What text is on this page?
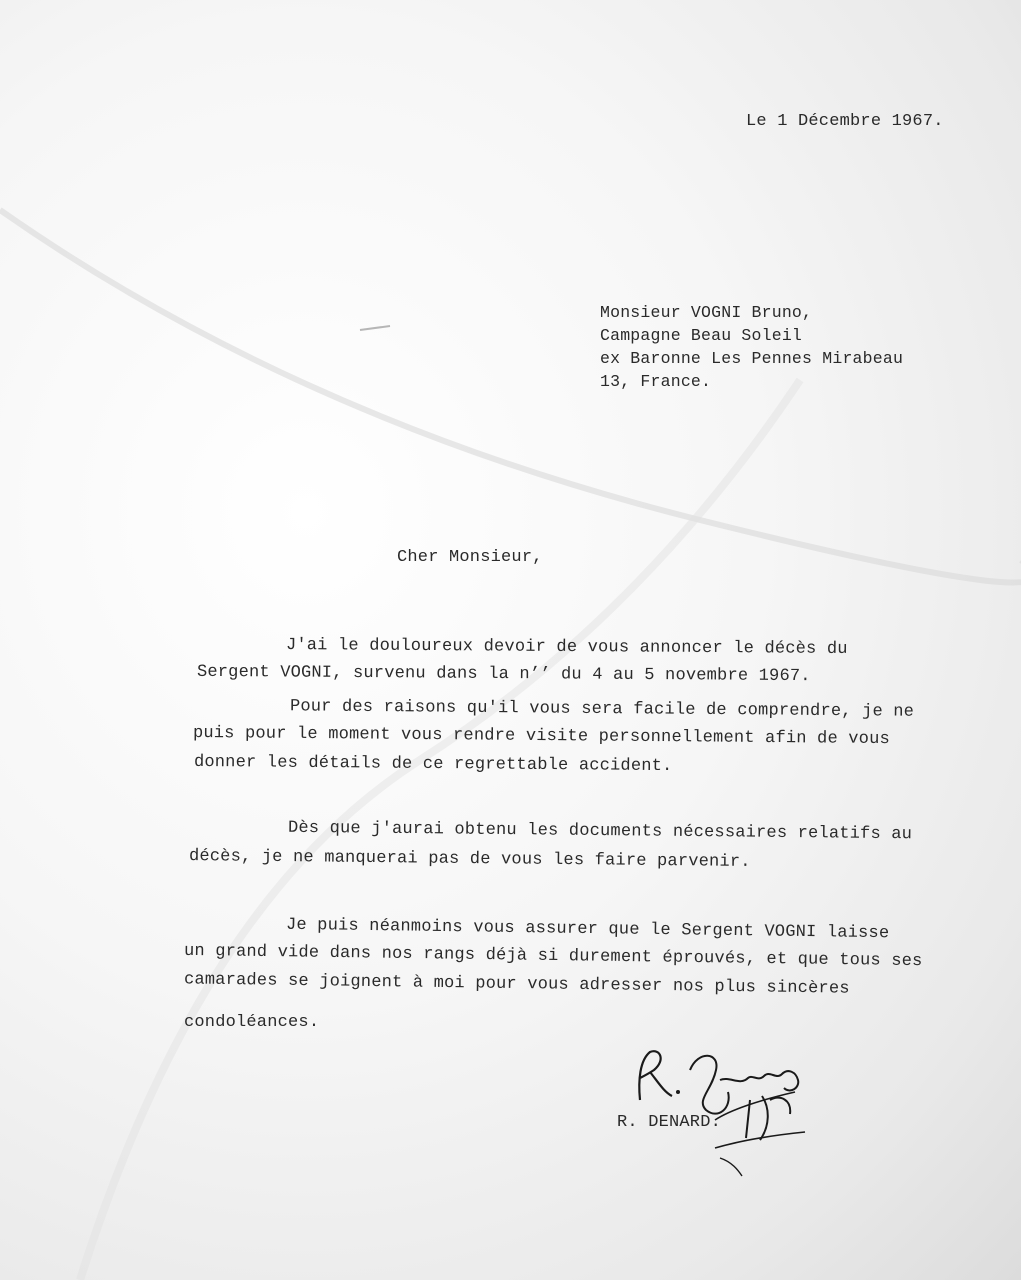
Le 1 Décembre 1967.
Monsieur VOGNI Bruno,
Campagne Beau Soleil
ex Baronne Les Pennes Mirabeau
13, France.
Cher Monsieur,
J'ai le douloureux devoir de vous annoncer le décès du
Sergent VOGNI, survenu dans la n’’ du 4 au 5 novembre 1967.
Pour des raisons qu'il vous sera facile de comprendre, je ne
puis pour le moment vous rendre visite personnellement afin de vous
donner les détails de ce regrettable accident.
Dès que j'aurai obtenu les documents nécessaires relatifs au
décès, je ne manquerai pas de vous les faire parvenir.
Je puis néanmoins vous assurer que le Sergent VOGNI laisse
un grand vide dans nos rangs déjà si durement éprouvés, et que tous ses
camarades se joignent à moi pour vous adresser nos plus sincères
condoléances.
R. DENARD.
